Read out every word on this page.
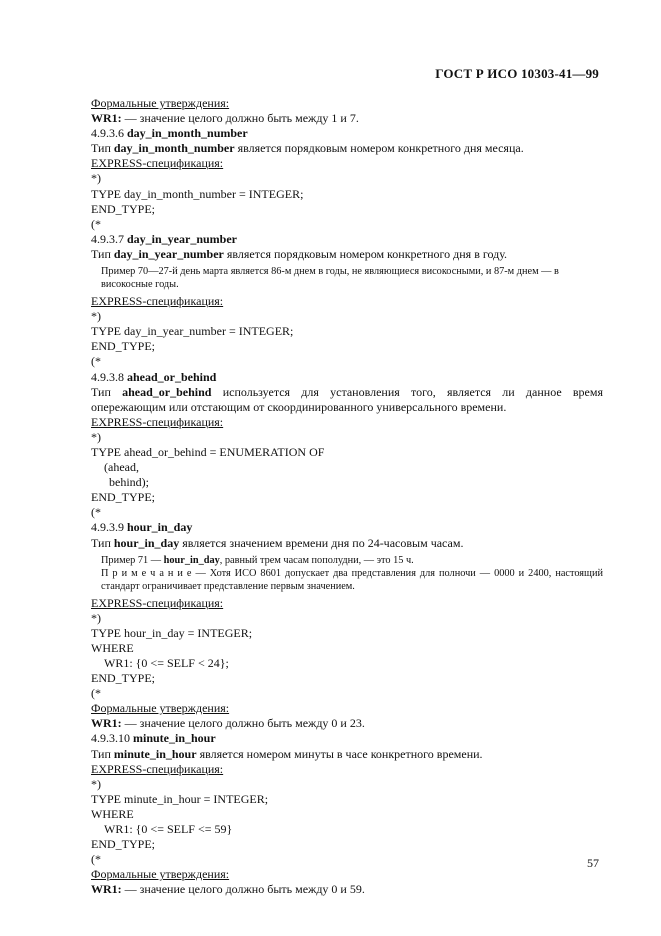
ГОСТ Р ИСО 10303-41—99
Формальные утверждения:
WR1: — значение целого должно быть между 1 и 7.
4.9.3.6 day_in_month_number
Тип day_in_month_number является порядковым номером конкретного дня месяца.
EXPRESS-спецификация:
*)
TYPE day_in_month_number = INTEGER;
END_TYPE;
(*
4.9.3.7 day_in_year_number
Тип day_in_year_number является порядковым номером конкретного дня в году.
Пример 70—27-й день марта является 86-м днем в годы, не являющиеся високосными, и 87-м днем — в високосные годы.
EXPRESS-спецификация:
*)
TYPE day_in_year_number = INTEGER;
END_TYPE;
(*
4.9.3.8 ahead_or_behind
Тип ahead_or_behind используется для установления того, является ли данное время опережающим или отстающим от скоординированного универсального времени.
EXPRESS-спецификация:
*)
TYPE ahead_or_behind = ENUMERATION OF
(ahead,
behind);
END_TYPE;
(*
4.9.3.9 hour_in_day
Тип hour_in_day является значением времени дня по 24-часовым часам.
Пример 71 — hour_in_day, равный трем часам пополудни, — это 15 ч.
П р и м е ч а н и е — Хотя ИСО 8601 допускает два представления для полночи — 0000 и 2400, настоящий стандарт ограничивает представление первым значением.
EXPRESS-спецификация:
*)
TYPE hour_in_day = INTEGER;
WHERE
WR1: {0 <= SELF < 24};
END_TYPE;
(*
Формальные утверждения:
WR1: — значение целого должно быть между 0 и 23.
4.9.3.10 minute_in_hour
Тип minute_in_hour является номером минуты в часе конкретного времени.
EXPRESS-спецификация:
*)
TYPE minute_in_hour = INTEGER;
WHERE
WR1: {0 <= SELF <= 59}
END_TYPE;
(*
Формальные утверждения:
WR1: — значение целого должно быть между 0 и 59.
57
